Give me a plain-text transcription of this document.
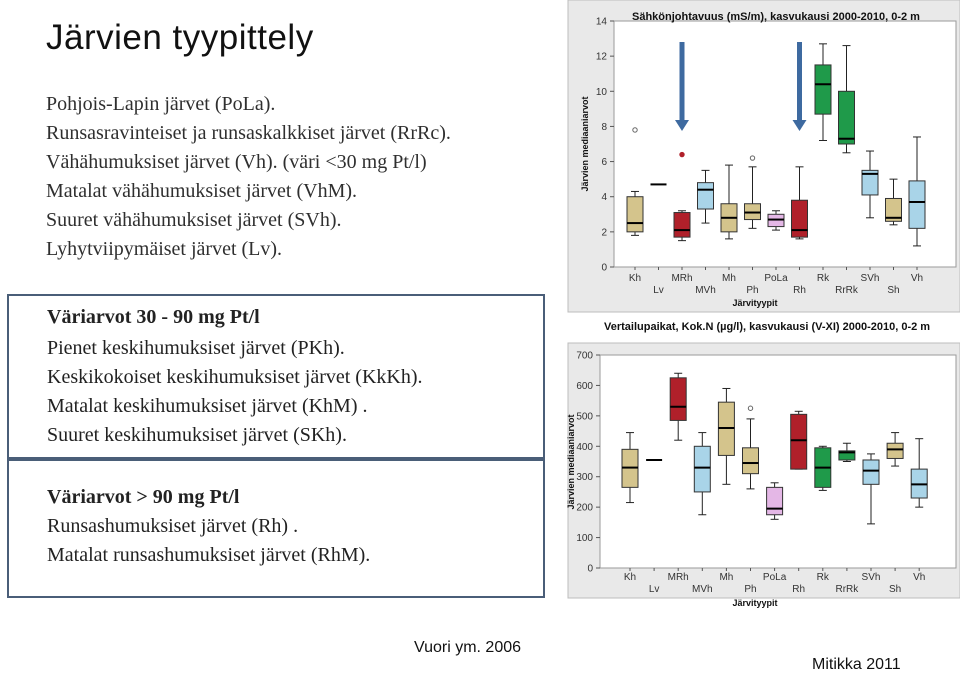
Järvien tyypittely
Pohjois-Lapin järvet (PoLa).
Runsasravinteiset ja runsaskalkkiset järvet (RrRc).
Vähähumuksiset järvet (Vh). (väri <30 mg Pt/l)
Matalat vähähumuksiset järvet (VhM).
Suuret vähähumuksiset järvet (SVh).
Lyhytviipymäiset järvet (Lv).
Väriarvot 30 - 90 mg Pt/l
Pienet keskihumuksiset järvet (PKh).
Keskikokoiset keskihumuksiset järvet (KkKh).
Matalat keskihumuksiset järvet (KhM) .
Suuret keskihumuksiset järvet (SKh).
Väriarvot > 90 mg Pt/l
Runsashumuksiset järvet (Rh) .
Matalat runsashumuksiset järvet (RhM).
Vuori ym. 2006
Mitikka 2011
Sähkönjohtavuus (mS/m), kasvukausi 2000-2010, 0-2 m
Järvien mediaaniarvot
Järvityypit
0
2
4
6
8
10
12
14
Kh
Lv
MRh
MVh
Mh
Ph
PoLa
Rh
Rk
RrRk
SVh
Sh
Vh
Vertailupaikat, Kok.N (µg/l), kasvukausi (V-XI) 2000-2010, 0-2 m
Järvien mediaaniarvot
Järvityypit
0
100
200
300
400
500
600
700
Kh
Lv
MRh
MVh
Mh
Ph
PoLa
Rh
Rk
RrRk
SVh
Sh
Vh
